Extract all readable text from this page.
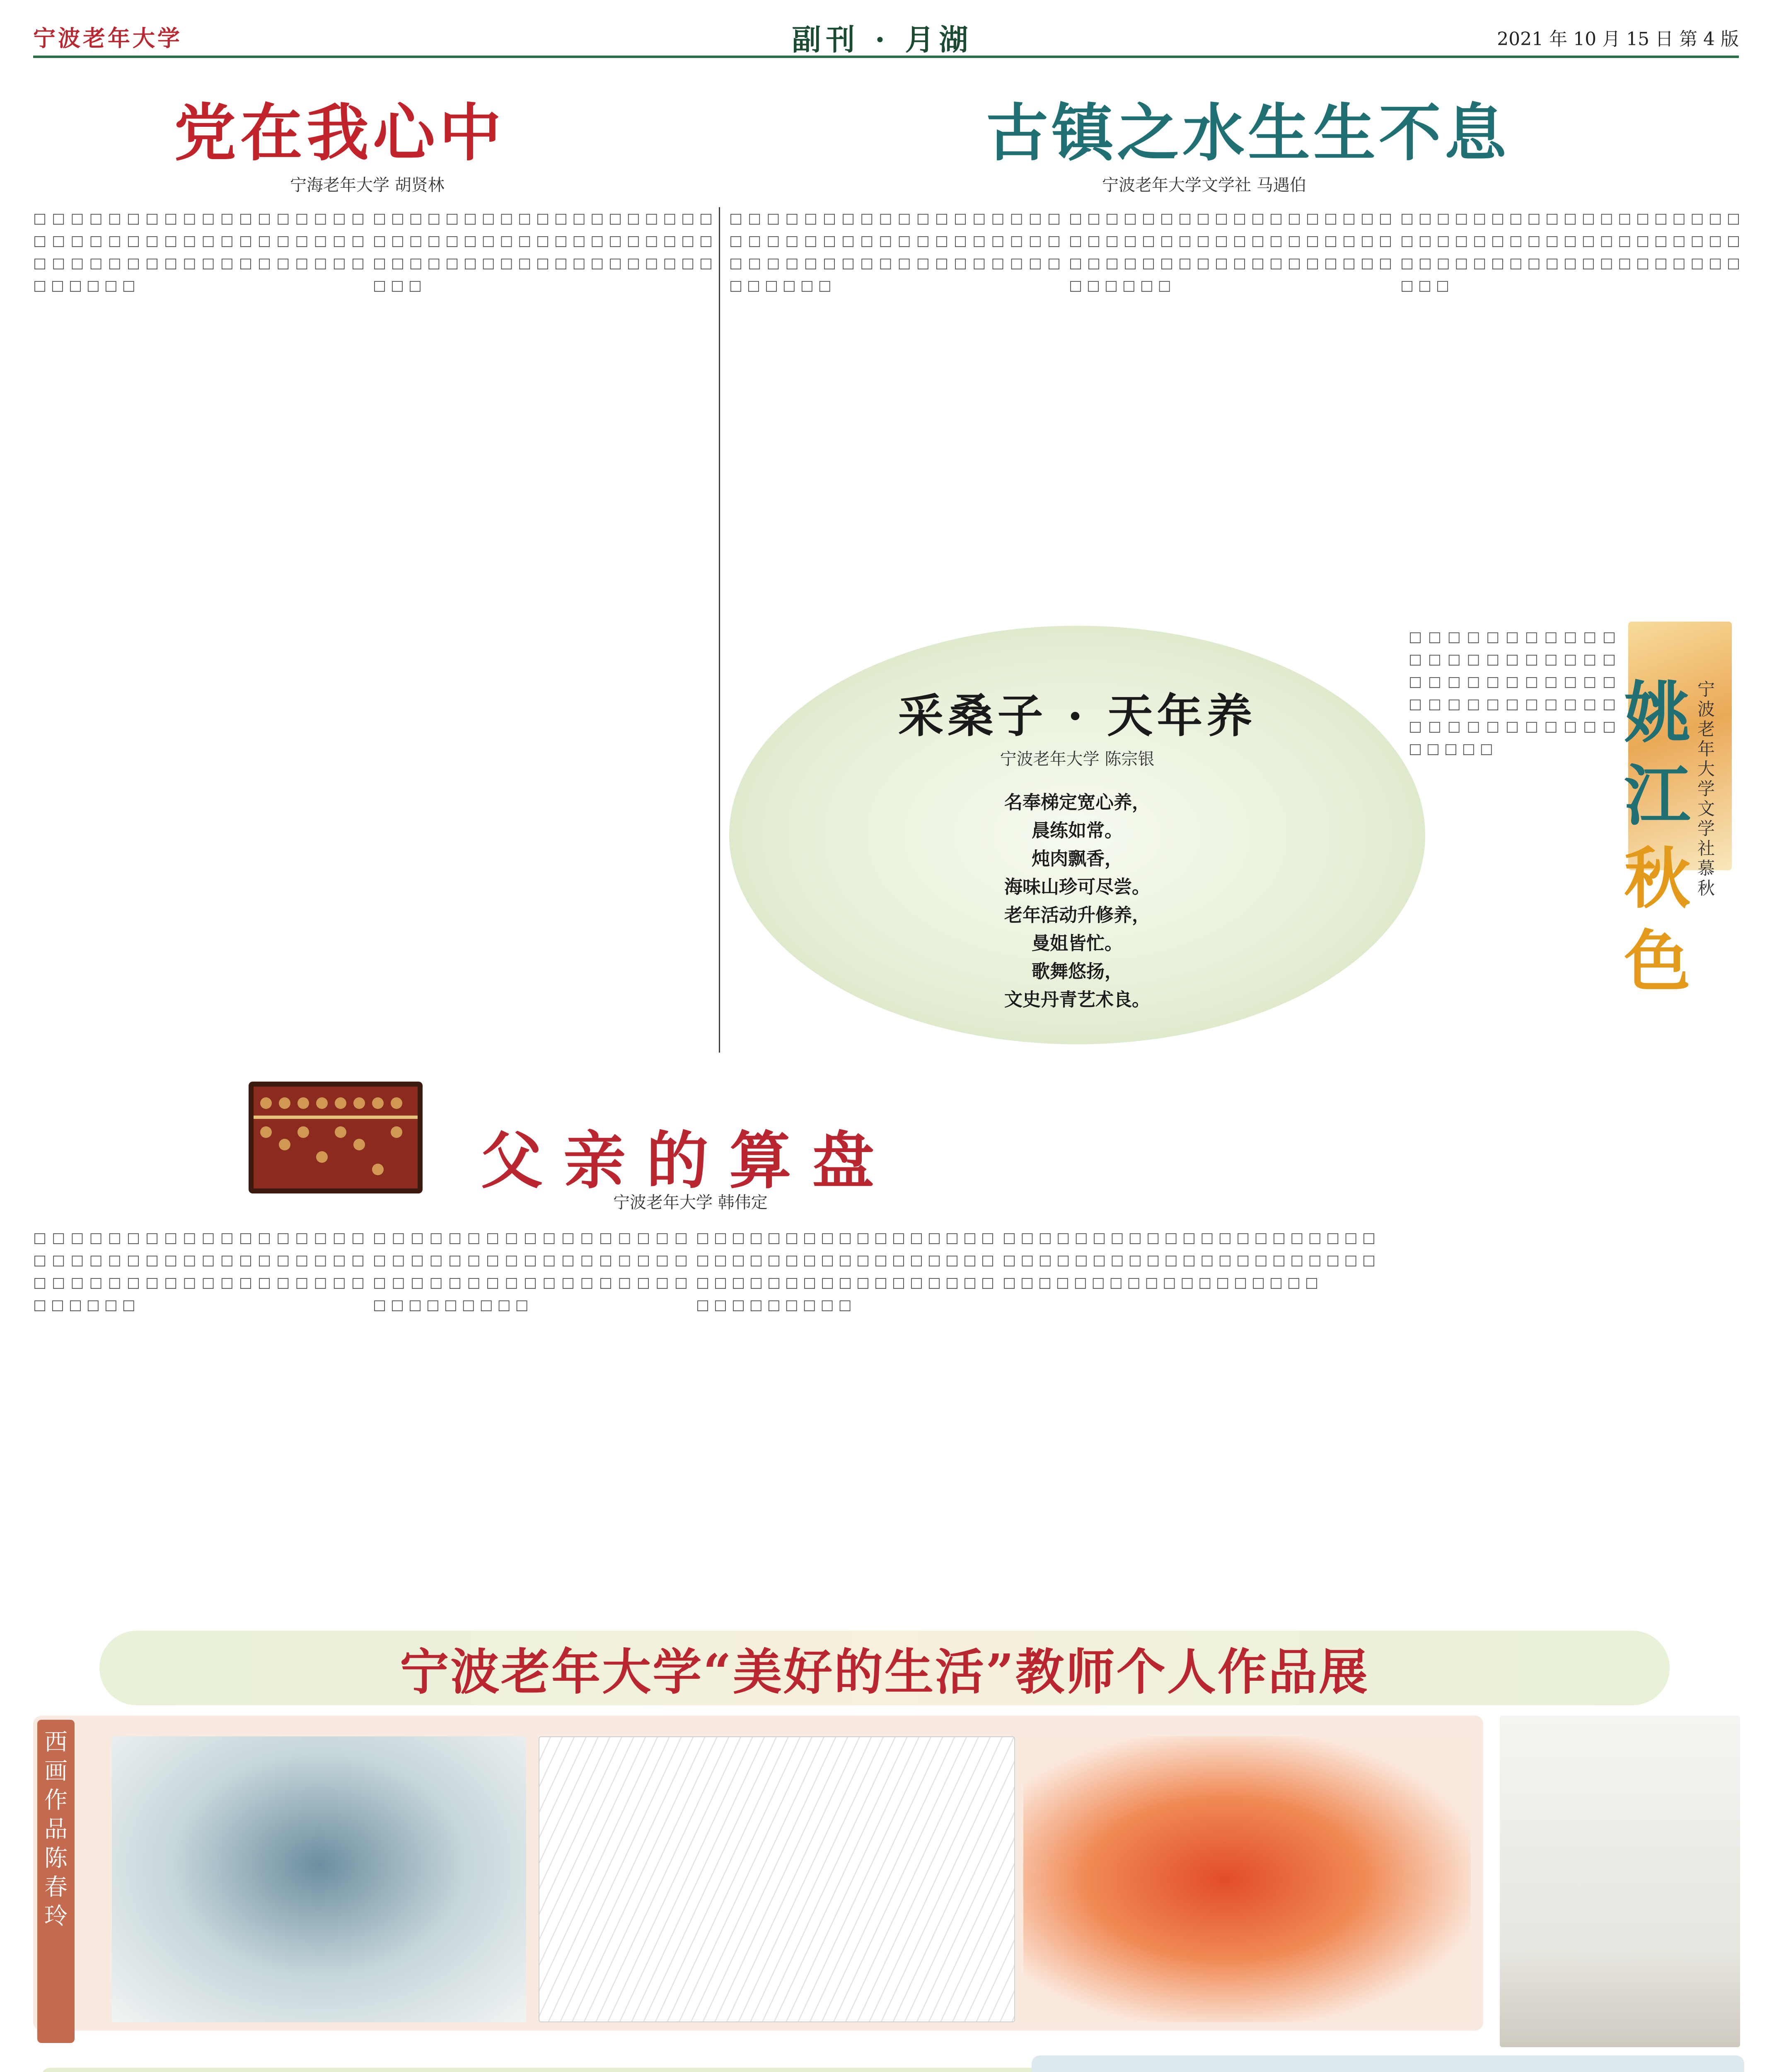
宁波老年大学	副刊 · 月湖	2021 年 10 月 15 日 第 4 版
党在我心中
宁海老年大学 胡贤林
□ □ □ □ □ □ □ □ □ □ □ □ □ □ □ □ □ □ □ □ □ □ □ □ □ □ □ □ □ □ □ □ □ □ □ □ □ □ □ □ □ □ □ □ □ □ □ □ □ □ □ □ □ □ □ □ □ □ □ □
□ □ □ □ □ □ □ □ □ □ □ □ □ □ □ □ □ □ □ □ □ □ □ □ □ □ □ □ □ □ □ □ □ □ □ □ □ □ □ □ □ □ □ □ □ □ □ □ □ □ □ □ □ □ □ □ □ □ □ □
古镇之水生生不息
宁波老年大学文学社 马遇伯
□ □ □ □ □ □ □ □ □ □ □ □ □ □ □ □ □ □ □ □ □ □ □ □ □ □ □ □ □ □ □ □ □ □ □ □ □ □ □ □ □ □ □ □ □ □ □ □ □ □ □ □ □ □ □ □ □ □ □ □
□ □ □ □ □ □ □ □ □ □ □ □ □ □ □ □ □ □ □ □ □ □ □ □ □ □ □ □ □ □ □ □ □ □ □ □ □ □ □ □ □ □ □ □ □ □ □ □ □ □ □ □ □ □ □ □ □ □ □ □
□ □ □ □ □ □ □ □ □ □ □ □ □ □ □ □ □ □ □ □ □ □ □ □ □ □ □ □ □ □ □ □ □ □ □ □ □ □ □ □ □ □ □ □ □ □ □ □ □ □ □ □ □ □ □ □ □ □ □ □
采桑子 · 天年养
宁波老年大学 陈宗银
名奉梯定宽心养，
晨练如常。
炖肉飘香，
海味山珍可尽尝。
老年活动升修养，
曼姐皆忙。
歌舞悠扬，
文史丹青艺术良。
□ □ □ □ □ □ □ □ □ □ □ □ □ □ □ □ □ □ □ □ □ □ □ □ □ □ □ □ □ □ □ □ □ □ □ □ □ □ □ □ □ □ □ □ □ □ □ □ □ □ □ □ □ □ □ □ □ □ □ □	姚江
秋色
宁波老年大学文学社 慕 秋
父亲的算盘
宁波老年大学 韩伟定
□ □ □ □ □ □ □ □ □ □ □ □ □ □ □ □ □ □ □ □ □ □ □ □ □ □ □ □ □ □ □ □ □ □ □ □ □ □ □ □ □ □ □ □ □ □ □ □ □ □ □ □ □ □ □ □ □ □ □ □
□ □ □ □ □ □ □ □ □ □ □ □ □ □ □ □ □ □ □ □ □ □ □ □ □ □ □ □ □ □ □ □ □ □ □ □ □ □ □ □ □ □ □ □ □ □ □ □ □ □ □ □ □ □ □ □ □ □ □ □
□ □ □ □ □ □ □ □ □ □ □ □ □ □ □ □ □ □ □ □ □ □ □ □ □ □ □ □ □ □ □ □ □ □ □ □ □ □ □ □ □ □ □ □ □ □ □ □ □ □ □ □ □ □ □ □ □ □ □ □
□ □ □ □ □ □ □ □ □ □ □ □ □ □ □ □ □ □ □ □ □ □ □ □ □ □ □ □ □ □ □ □ □ □ □ □ □ □ □ □ □ □ □ □ □ □ □ □ □ □ □ □ □ □ □ □ □ □ □ □
宁波老年大学“美好的生活”教师个人作品展
西画作品 陈春玲
